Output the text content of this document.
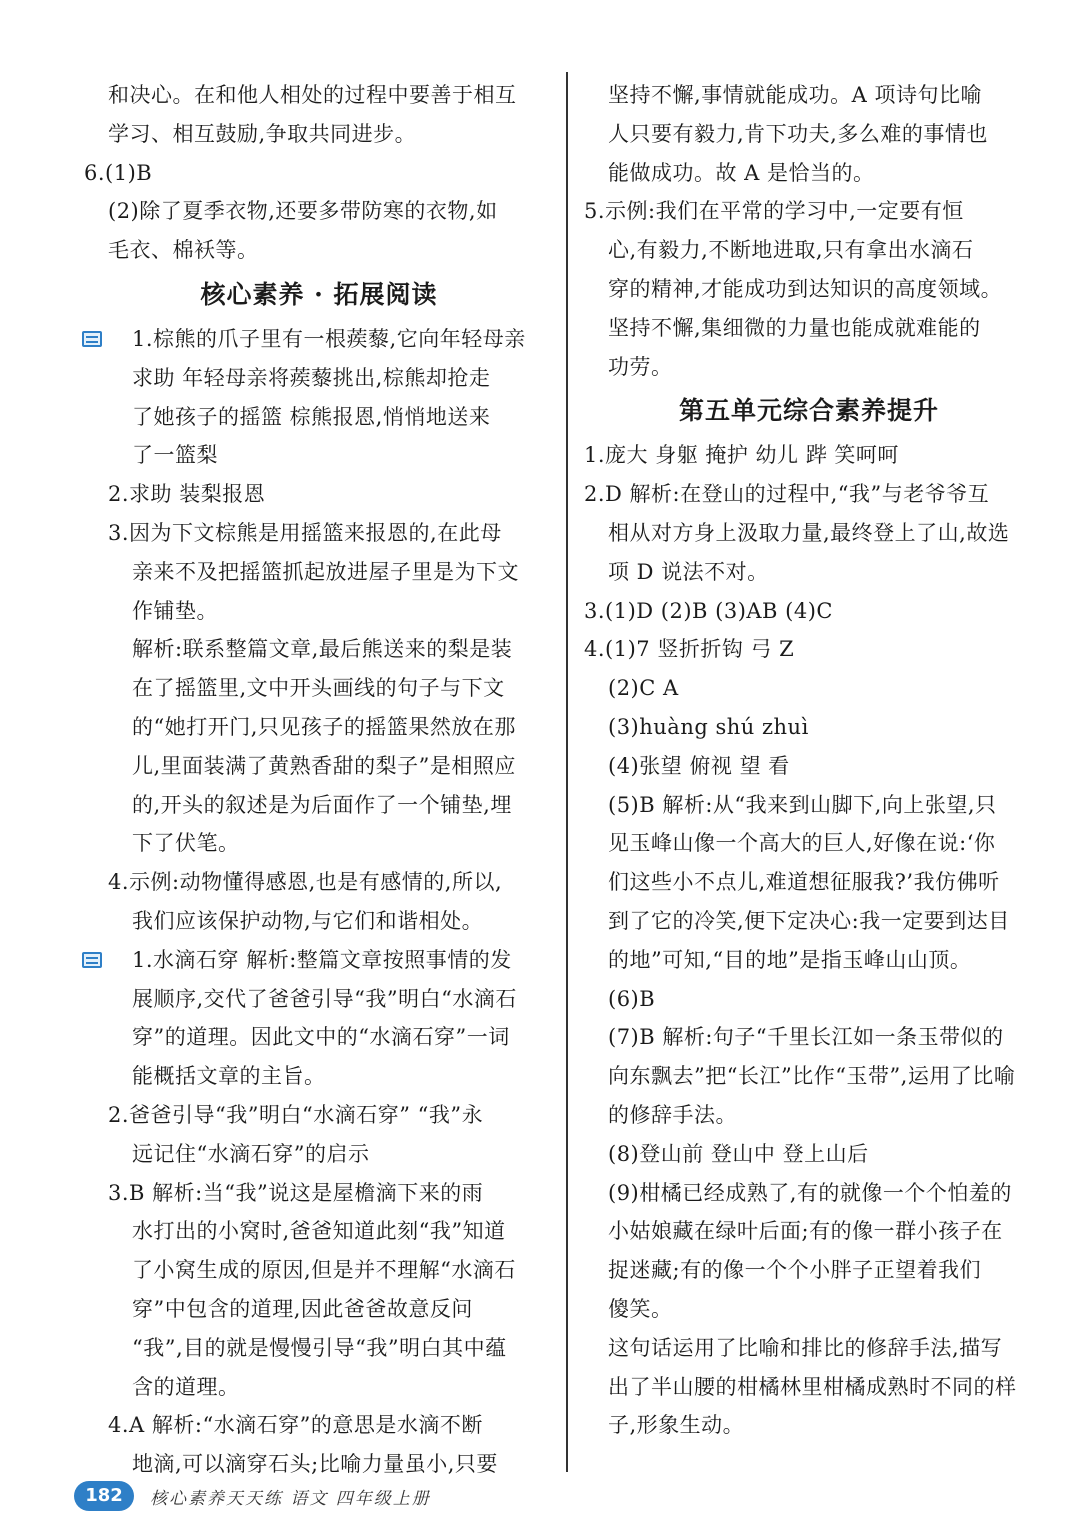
和决心。在和他人相处的过程中要善于相互
学习、相互鼓励,争取共同进步。
6.(1)B
(2)除了夏季衣物,还要多带防寒的衣物,如
毛衣、棉袄等。
核心素养 · 拓展阅读
1.棕熊的爪子里有一根蒺藜,它向年轻母亲
求助 年轻母亲将蒺藜挑出,棕熊却抢走
了她孩子的摇篮 棕熊报恩,悄悄地送来
了一篮梨
2.求助 装梨报恩
3.因为下文棕熊是用摇篮来报恩的,在此母
亲来不及把摇篮抓起放进屋子里是为下文
作铺垫。
解析:联系整篇文章,最后熊送来的梨是装
在了摇篮里,文中开头画线的句子与下文
的“她打开门,只见孩子的摇篮果然放在那
儿,里面装满了黄熟香甜的梨子”是相照应
的,开头的叙述是为后面作了一个铺垫,埋
下了伏笔。
4.示例:动物懂得感恩,也是有感情的,所以,
我们应该保护动物,与它们和谐相处。
1.水滴石穿 解析:整篇文章按照事情的发
展顺序,交代了爸爸引导“我”明白“水滴石
穿”的道理。因此文中的“水滴石穿”一词
能概括文章的主旨。
2.爸爸引导“我”明白“水滴石穿” “我”永
远记住“水滴石穿”的启示
3.B 解析:当“我”说这是屋檐滴下来的雨
水打出的小窝时,爸爸知道此刻“我”知道
了小窝生成的原因,但是并不理解“水滴石
穿”中包含的道理,因此爸爸故意反问
“我”,目的就是慢慢引导“我”明白其中蕴
含的道理。
4.A 解析:“水滴石穿”的意思是水滴不断
地滴,可以滴穿石头;比喻力量虽小,只要
坚持不懈,事情就能成功。A 项诗句比喻
人只要有毅力,肯下功夫,多么难的事情也
能做成功。故 A 是恰当的。
5.示例:我们在平常的学习中,一定要有恒
心,有毅力,不断地进取,只有拿出水滴石
穿的精神,才能成功到达知识的高度领域。
坚持不懈,集细微的力量也能成就难能的
功劳。
第五单元综合素养提升
1.庞大 身躯 掩护 幼儿 跸 笑呵呵
2.D 解析:在登山的过程中,“我”与老爷爷互
相从对方身上汲取力量,最终登上了山,故选
项 D 说法不对。
3.(1)D (2)B (3)AB (4)C
4.(1)7 竖折折钩 弓 Z
(2)C A
(3)huàng shú zhuì
(4)张望 俯视 望 看
(5)B 解析:从“我来到山脚下,向上张望,只
见玉峰山像一个高大的巨人,好像在说:‘你
们这些小不点儿,难道想征服我?’我仿佛听
到了它的冷笑,便下定决心:我一定要到达目
的地”可知,“目的地”是指玉峰山山顶。
(6)B
(7)B 解析:句子“千里长江如一条玉带似的
向东飘去”把“长江”比作“玉带”,运用了比喻
的修辞手法。
(8)登山前 登山中 登上山后
(9)柑橘已经成熟了,有的就像一个个怕羞的
小姑娘藏在绿叶后面;有的像一群小孩子在
捉迷藏;有的像一个个小胖子正望着我们
傻笑。
这句话运用了比喻和排比的修辞手法,描写
出了半山腰的柑橘林里柑橘成熟时不同的样
子,形象生动。
182	核心素养天天练 语文 四年级上册
